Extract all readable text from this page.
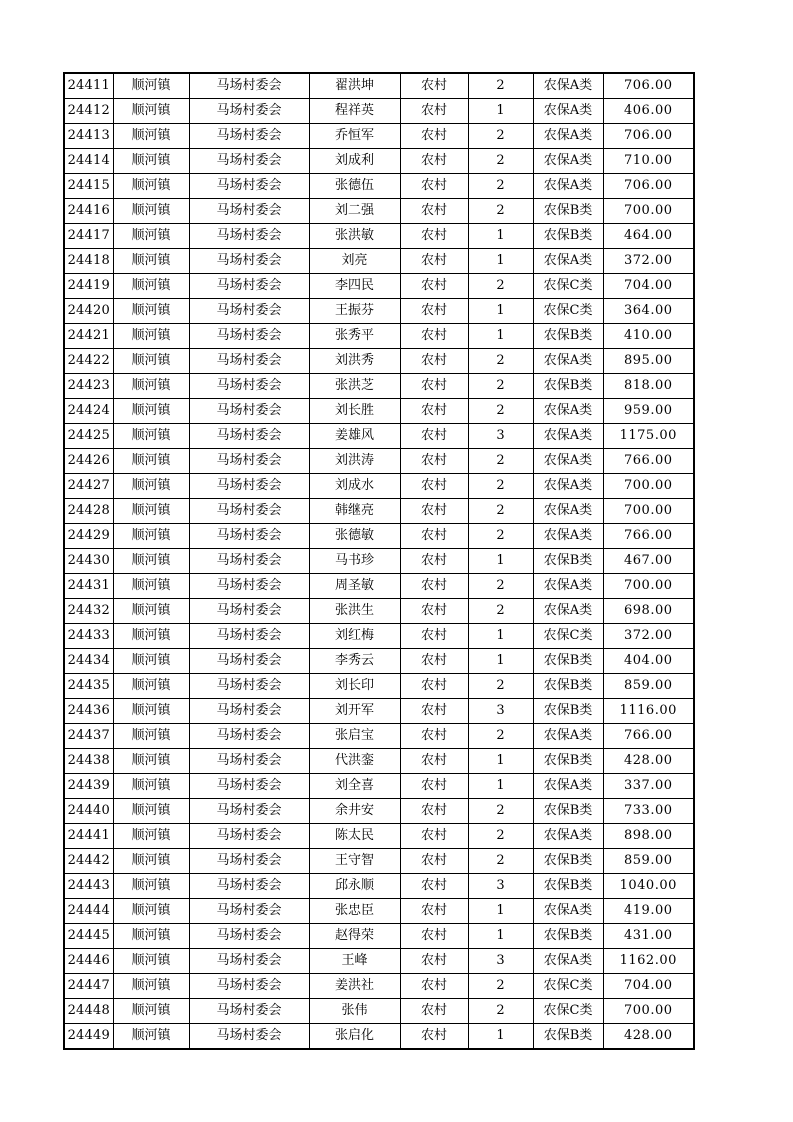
24411	顺河镇	马场村委会	翟洪坤	农村	2	农保A类	706.00
24412	顺河镇	马场村委会	程祥英	农村	1	农保A类	406.00
24413	顺河镇	马场村委会	乔恒军	农村	2	农保A类	706.00
24414	顺河镇	马场村委会	刘成利	农村	2	农保A类	710.00
24415	顺河镇	马场村委会	张德伍	农村	2	农保A类	706.00
24416	顺河镇	马场村委会	刘二强	农村	2	农保B类	700.00
24417	顺河镇	马场村委会	张洪敏	农村	1	农保B类	464.00
24418	顺河镇	马场村委会	刘亮	农村	1	农保A类	372.00
24419	顺河镇	马场村委会	李四民	农村	2	农保C类	704.00
24420	顺河镇	马场村委会	王振芬	农村	1	农保C类	364.00
24421	顺河镇	马场村委会	张秀平	农村	1	农保B类	410.00
24422	顺河镇	马场村委会	刘洪秀	农村	2	农保A类	895.00
24423	顺河镇	马场村委会	张洪芝	农村	2	农保B类	818.00
24424	顺河镇	马场村委会	刘长胜	农村	2	农保A类	959.00
24425	顺河镇	马场村委会	姜雄风	农村	3	农保A类	1175.00
24426	顺河镇	马场村委会	刘洪涛	农村	2	农保A类	766.00
24427	顺河镇	马场村委会	刘成水	农村	2	农保A类	700.00
24428	顺河镇	马场村委会	韩继亮	农村	2	农保A类	700.00
24429	顺河镇	马场村委会	张德敏	农村	2	农保A类	766.00
24430	顺河镇	马场村委会	马书珍	农村	1	农保B类	467.00
24431	顺河镇	马场村委会	周圣敏	农村	2	农保A类	700.00
24432	顺河镇	马场村委会	张洪生	农村	2	农保A类	698.00
24433	顺河镇	马场村委会	刘红梅	农村	1	农保C类	372.00
24434	顺河镇	马场村委会	李秀云	农村	1	农保B类	404.00
24435	顺河镇	马场村委会	刘长印	农村	2	农保B类	859.00
24436	顺河镇	马场村委会	刘开军	农村	3	农保B类	1116.00
24437	顺河镇	马场村委会	张启宝	农村	2	农保A类	766.00
24438	顺河镇	马场村委会	代洪銮	农村	1	农保B类	428.00
24439	顺河镇	马场村委会	刘全喜	农村	1	农保A类	337.00
24440	顺河镇	马场村委会	余井安	农村	2	农保B类	733.00
24441	顺河镇	马场村委会	陈太民	农村	2	农保A类	898.00
24442	顺河镇	马场村委会	王守智	农村	2	农保B类	859.00
24443	顺河镇	马场村委会	邱永顺	农村	3	农保B类	1040.00
24444	顺河镇	马场村委会	张忠臣	农村	1	农保A类	419.00
24445	顺河镇	马场村委会	赵得荣	农村	1	农保B类	431.00
24446	顺河镇	马场村委会	王峰	农村	3	农保A类	1162.00
24447	顺河镇	马场村委会	姜洪社	农村	2	农保C类	704.00
24448	顺河镇	马场村委会	张伟	农村	2	农保C类	700.00
24449	顺河镇	马场村委会	张启化	农村	1	农保B类	428.00
